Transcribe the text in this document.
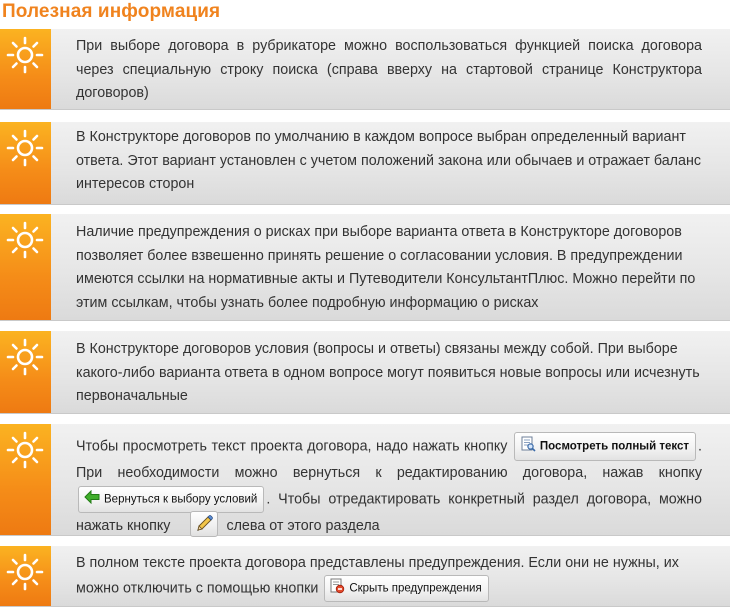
Полезная информация
При выборе договора в рубрикаторе можно воспользоваться функцией поиска договора через специальную строку поиска (справа вверху на стартовой странице Конструктора договоров)
В Конструкторе договоров по умолчанию в каждом вопросе выбран определенный вариант ответа. Этот вариант установлен с учетом положений закона или обычаев и отражает баланс интересов сторон
Наличие предупреждения о рисках при выборе варианта ответа в Конструкторе договоров позволяет более взвешенно принять решение о согласовании условия. В предупреждении имеются ссылки на нормативные акты и Путеводители КонсультантПлюс. Можно перейти по этим ссылкам, чтобы узнать более подробную информацию о рисках
В Конструкторе договоров условия (вопросы и ответы) связаны между собой. При выборе какого-либо варианта ответа в одном вопросе могут появиться новые вопросы или исчезнуть первоначальные
Чтобы просмотреть текст проекта договора, надо нажать кнопку	Посмотреть полный текст . При необходимости можно вернуться к редактированию договора, нажав кнопку Вернуться к выбору условий . Чтобы отредактировать конкретный раздел договора, можно нажать кнопку	слева от этого раздела
В полном тексте проекта договора представлены предупреждения. Если они не нужны, их можно отключить с помощью кнопки	Скрыть предупреждения
